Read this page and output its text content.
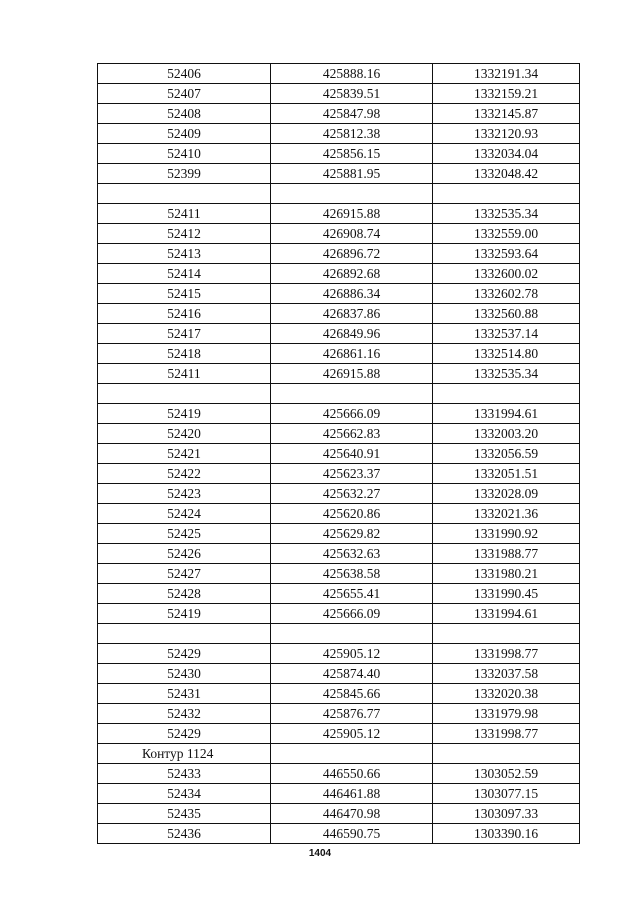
52406	425888.16	1332191.34
52407	425839.51	1332159.21
52408	425847.98	1332145.87
52409	425812.38	1332120.93
52410	425856.15	1332034.04
52399	425881.95	1332048.42

52411	426915.88	1332535.34
52412	426908.74	1332559.00
52413	426896.72	1332593.64
52414	426892.68	1332600.02
52415	426886.34	1332602.78
52416	426837.86	1332560.88
52417	426849.96	1332537.14
52418	426861.16	1332514.80
52411	426915.88	1332535.34

52419	425666.09	1331994.61
52420	425662.83	1332003.20
52421	425640.91	1332056.59
52422	425623.37	1332051.51
52423	425632.27	1332028.09
52424	425620.86	1332021.36
52425	425629.82	1331990.92
52426	425632.63	1331988.77
52427	425638.58	1331980.21
52428	425655.41	1331990.45
52419	425666.09	1331994.61

52429	425905.12	1331998.77
52430	425874.40	1332037.58
52431	425845.66	1332020.38
52432	425876.77	1331979.98
52429	425905.12	1331998.77
Контур 1124		
52433	446550.66	1303052.59
52434	446461.88	1303077.15
52435	446470.98	1303097.33
52436	446590.75	1303390.16
1404
